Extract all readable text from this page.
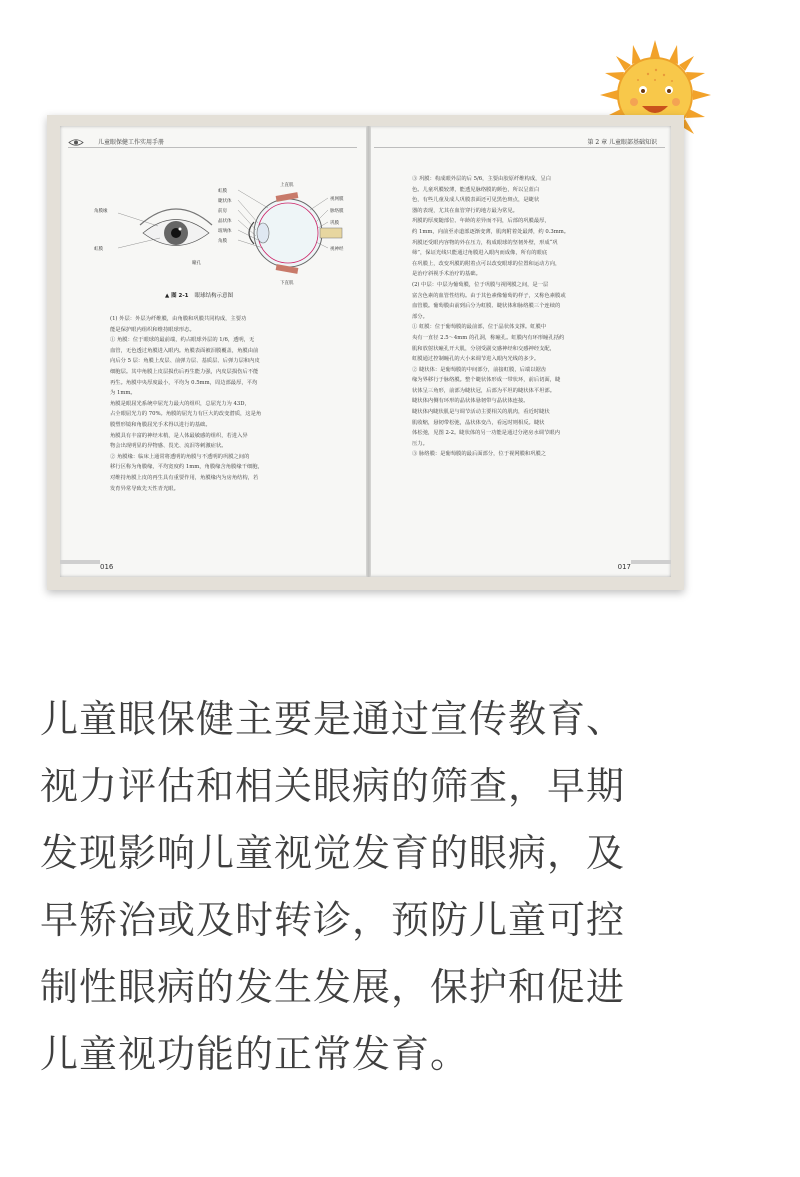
儿童眼保健工作实用手册
角膜缘
瞳孔
虹膜
睫状体
前房
晶状体
玻璃体
视网膜
脉络膜
巩膜
视神经
上直肌
下直肌
角膜
虹膜
▲ 图 2-1 眼球结构示意图

(1) 外层：外层为纤维膜，由角膜和巩膜共同构成，主要功
能是保护眼内组织和维持眼球形态。

① 角膜：位于眼球的最前端，约占眼球外层的 1/6，透明，无
血管，无色透过角膜进入眼内。角膜表面被泪膜覆盖，角膜由前
向后分 5 层：角膜上皮层、前弹力层、基质层、后弹力层和内皮
细胞层。其中角膜上皮层损伤后再生能力强，内皮层损伤后不能
再生。角膜中央厚度最小，平均为 0.5mm，周边部最厚，平均
为 1mm。

角膜是眼屈光系统中屈光力最大的组织，总屈光力为 43D，
占全眼屈光力的 70%。角膜的屈光力有巨大的改变潜质，这是角
膜塑形镜和角膜屈光手术得以进行的基础。

角膜具有丰富的神经末梢，是人体最敏感的组织，若进入异
物会出现明显的异物感、畏光、流泪等刺激症状。

② 角膜缘：临床上通常将透明的角膜与不透明的巩膜之间的
移行区称为角膜缘，平均宽度约 1mm，角膜缘含角膜缘干细胞，
对维持角膜上皮的再生具有重要作用，角膜缘内为房角结构，若
发育异常导致先天性青光眼。

016
第 2 章 儿童眼部基础知识

③ 巩膜：构成眼外层的后 5/6，主要由胶原纤维构成，呈白
色。儿童巩膜较薄，能透见脉络膜的颜色，所以呈蓝白
色，有些儿童及成人巩膜表面还可见黑色斑点，是睫状
器的表现，尤其在血管穿行的地方最为常见。

巩膜的厚度随部位、年龄的差异而不同，后部的巩膜最厚，
约 1mm，向前至赤道部逐渐变薄，肌肉附着处最薄，约 0.3mm。
巩膜还受眼内容物的外在压力，构成眼球的坚韧外壁，形成“巩
筛”，保证光线只能通过角膜进入眼内而成像，所有的眼底
在巩膜上，改变巩膜的附着点可以改变眼球的位置和运动方向，
是治疗斜视手术治疗的基础。

(2) 中层：中层为葡萄膜，位于巩膜与视网膜之间，是一层
富含色素的血管性结构。由于其色素像葡萄的样子，又称色素膜或
血管膜。葡萄膜由前到后分为虹膜、睫状体和脉络膜三个连续的
部分。

① 虹膜：位于葡萄膜的最前部，位于晶状体支撑。虹膜中
央有一直径 2.5～4mm 的孔洞，称瞳孔。虹膜内有环形瞳孔括约
肌和放射状瞳孔开大肌，分别受副交感神经和交感神经支配，
虹膜通过控制瞳孔的大小来调节进入眼内光线的多少。

② 睫状体：是葡萄膜的中间部分，前接虹膜，后端以锯齿
缘为界移行于脉络膜。整个睫状体形成一带状环，前后切面，睫
状体呈三角形，前部为睫状冠，后部为平坦的睫状体平坦部。
睫状体内侧有环形的晶状体悬韧带与晶状体连接。

睫状体内睫状肌是与调节活动主要相关的肌肉，看近时睫状
肌收缩，悬韧带松弛，晶状体变凸，看远时则相反。睫状
体松弛，见图 2-2。睫状体的另一功能是通过分泌房水调节眼内
压力。

③ 脉络膜：是葡萄膜的最后面部分，位于视网膜和巩膜之

017
儿童眼保健主要是通过宣传教育、
视力评估和相关眼病的筛查，早期
发现影响儿童视觉发育的眼病，及
早矫治或及时转诊，预防儿童可控
制性眼病的发生发展，保护和促进
儿童视功能的正常发育。
